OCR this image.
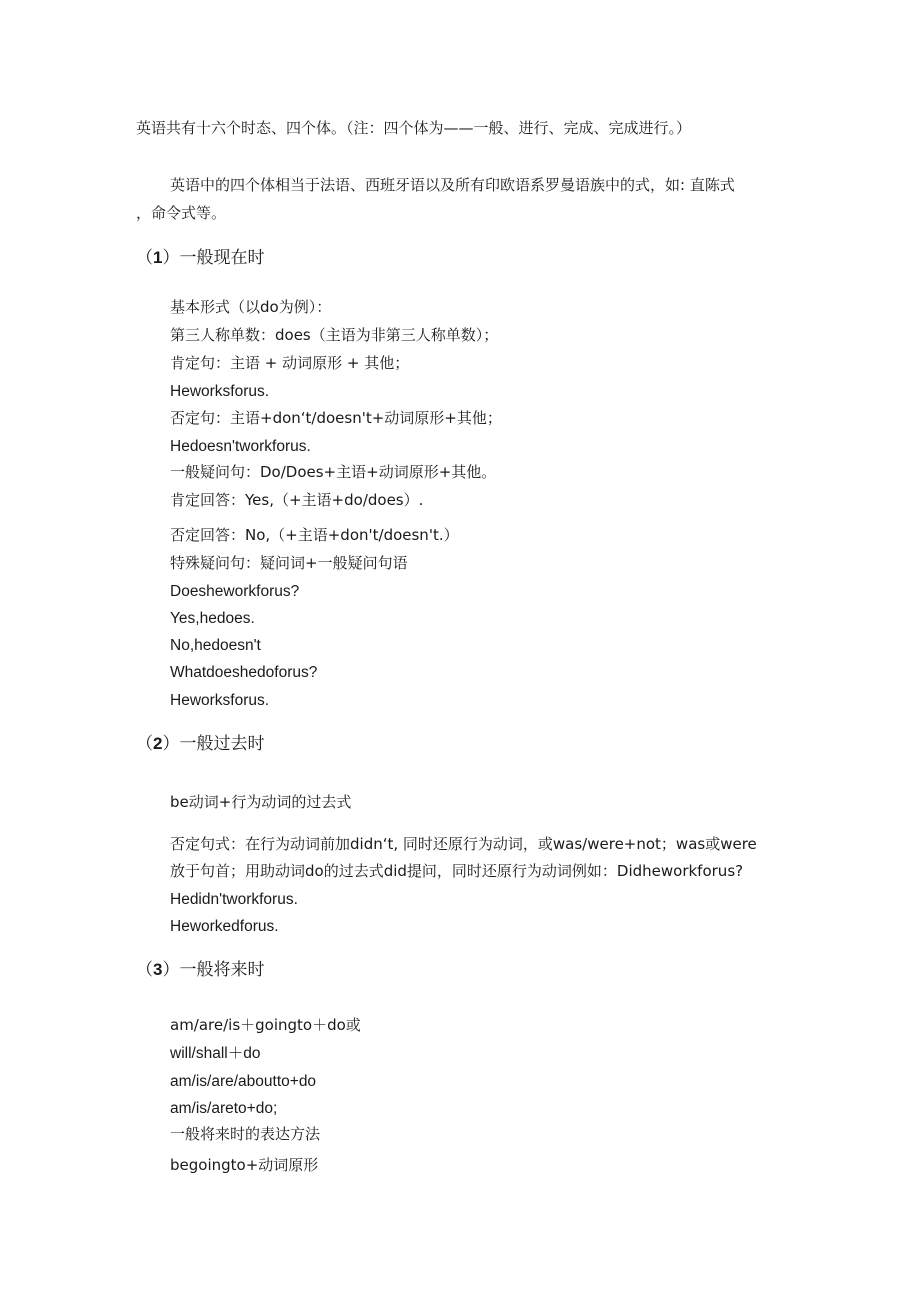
英语共有十六个时态、四个体。（注：四个体为——一般、进行、完成、完成进行。）
英语中的四个体相当于法语、西班牙语以及所有印欧语系罗曼语族中的式，如: 直陈式
，命令式等。
（1）一般现在时
基本形式（以do为例）：
第三人称单数：does（主语为非第三人称单数）；
肯定句：主语 + 动词原形 + 其他；
Heworksforus.
否定句：主语+don‘t/doesn't+动词原形+其他；
Hedoesn'tworkforus.
一般疑问句：Do/Does+主语+动词原形+其他。
肯定回答：Yes,（+主语+do/does）.
否定回答：No,（+主语+don't/doesn't.）
特殊疑问句：疑问词+一般疑问句语
Doesheworkforus?
Yes,hedoes.
No,hedoesn't
Whatdoeshedoforus?
Heworksforus.
（2）一般过去时
be动词+行为动词的过去式
否定句式：在行为动词前加didn‘t, 同时还原行为动词，或was/were+not；was或were
放于句首；用助动词do的过去式did提问，同时还原行为动词例如：Didheworkforus?
Hedidn'tworkforus.
Heworkedforus.
（3）一般将来时
am/are/is＋goingto＋do或
will/shall＋do
am/is/are/aboutto+do
am/is/areto+do;
一般将来时的表达方法
begoingto+动词原形
